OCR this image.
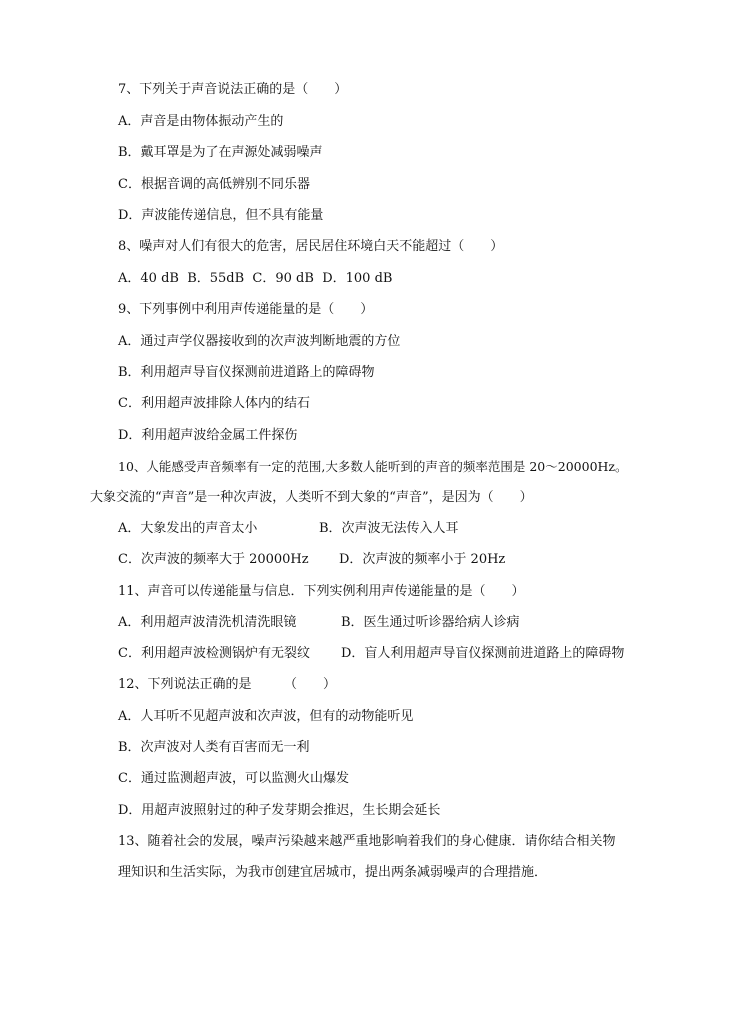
7、下列关于声音说法正确的是（　　）

A．声音是由物体振动产生的

B．戴耳罩是为了在声源处减弱噪声

C．根据音调的高低辨别不同乐器

D．声波能传递信息，但不具有能量

8、噪声对人们有很大的危害，居民居住环境白天不能超过（　　）

A．40 dB  B．55dB  C．90 dB  D．100 dB

9、下列事例中利用声传递能量的是（　　）

A．通过声学仪器接收到的次声波判断地震的方位

B．利用超声导盲仪探测前进道路上的障碍物

C．利用超声波排除人体内的结石

D．利用超声波给金属工件探伤

10、人能感受声音频率有一定的范围,大多数人能听到的声音的频率范围是 20～20000Hz。

大象交流的“声音”是一种次声波，人类听不到大象的“声音”，是因为（　　）

A．大象发出的声音太小	B．次声波无法传入人耳

C．次声波的频率大于 20000Hz D．次声波的频率小于 20Hz

11、声音可以传递能量与信息．下列实例利用声传递能量的是（　　）

A．利用超声波清洗机清洗眼镜	B．医生通过听诊器给病人诊病

C．利用超声波检测锅炉有无裂纹 D．盲人利用超声导盲仪探测前进道路上的障碍物

12、下列说法正确的是　　　（　　）

A．人耳听不见超声波和次声波，但有的动物能听见

B．次声波对人类有百害而无一利

C．通过监测超声波，可以监测火山爆发

D．用超声波照射过的种子发芽期会推迟，生长期会延长

13、随着社会的发展，噪声污染越来越严重地影响着我们的身心健康．请你结合相关物

理知识和生活实际，为我市创建宜居城市，提出两条减弱噪声的合理措施．
